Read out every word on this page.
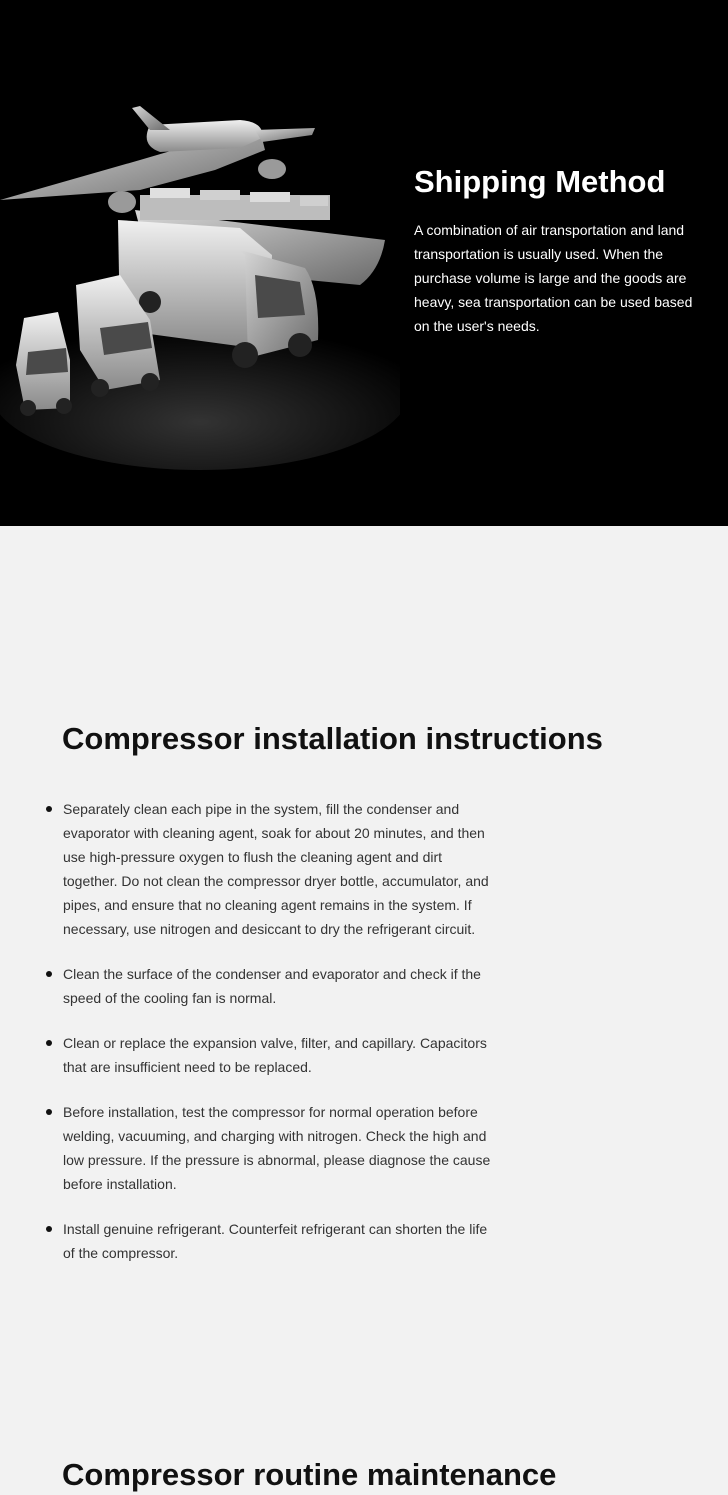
Shipping Method

A combination of air transportation and land transportation is usually used. When the purchase volume is large and the goods are heavy, sea transportation can be used based on the user's needs.

Compressor installation instructions
Separately clean each pipe in the system, fill the condenser and evaporator with cleaning agent, soak for about 20 minutes, and then use high-pressure oxygen to flush the cleaning agent and dirt together. Do not clean the compressor dryer bottle, accumulator, and pipes, and ensure that no cleaning agent remains in the system. If necessary, use nitrogen and desiccant to dry the refrigerant circuit.
Clean the surface of the condenser and evaporator and check if the speed of the cooling fan is normal.
Clean or replace the expansion valve, filter, and capillary. Capacitors that are insufficient need to be replaced.
Before installation, test the compressor for normal operation before welding, vacuuming, and charging with nitrogen. Check the high and low pressure. If the pressure is abnormal, please diagnose the cause before installation.
Install genuine refrigerant. Counterfeit refrigerant can shorten the life of the compressor.
Compressor routine maintenance
